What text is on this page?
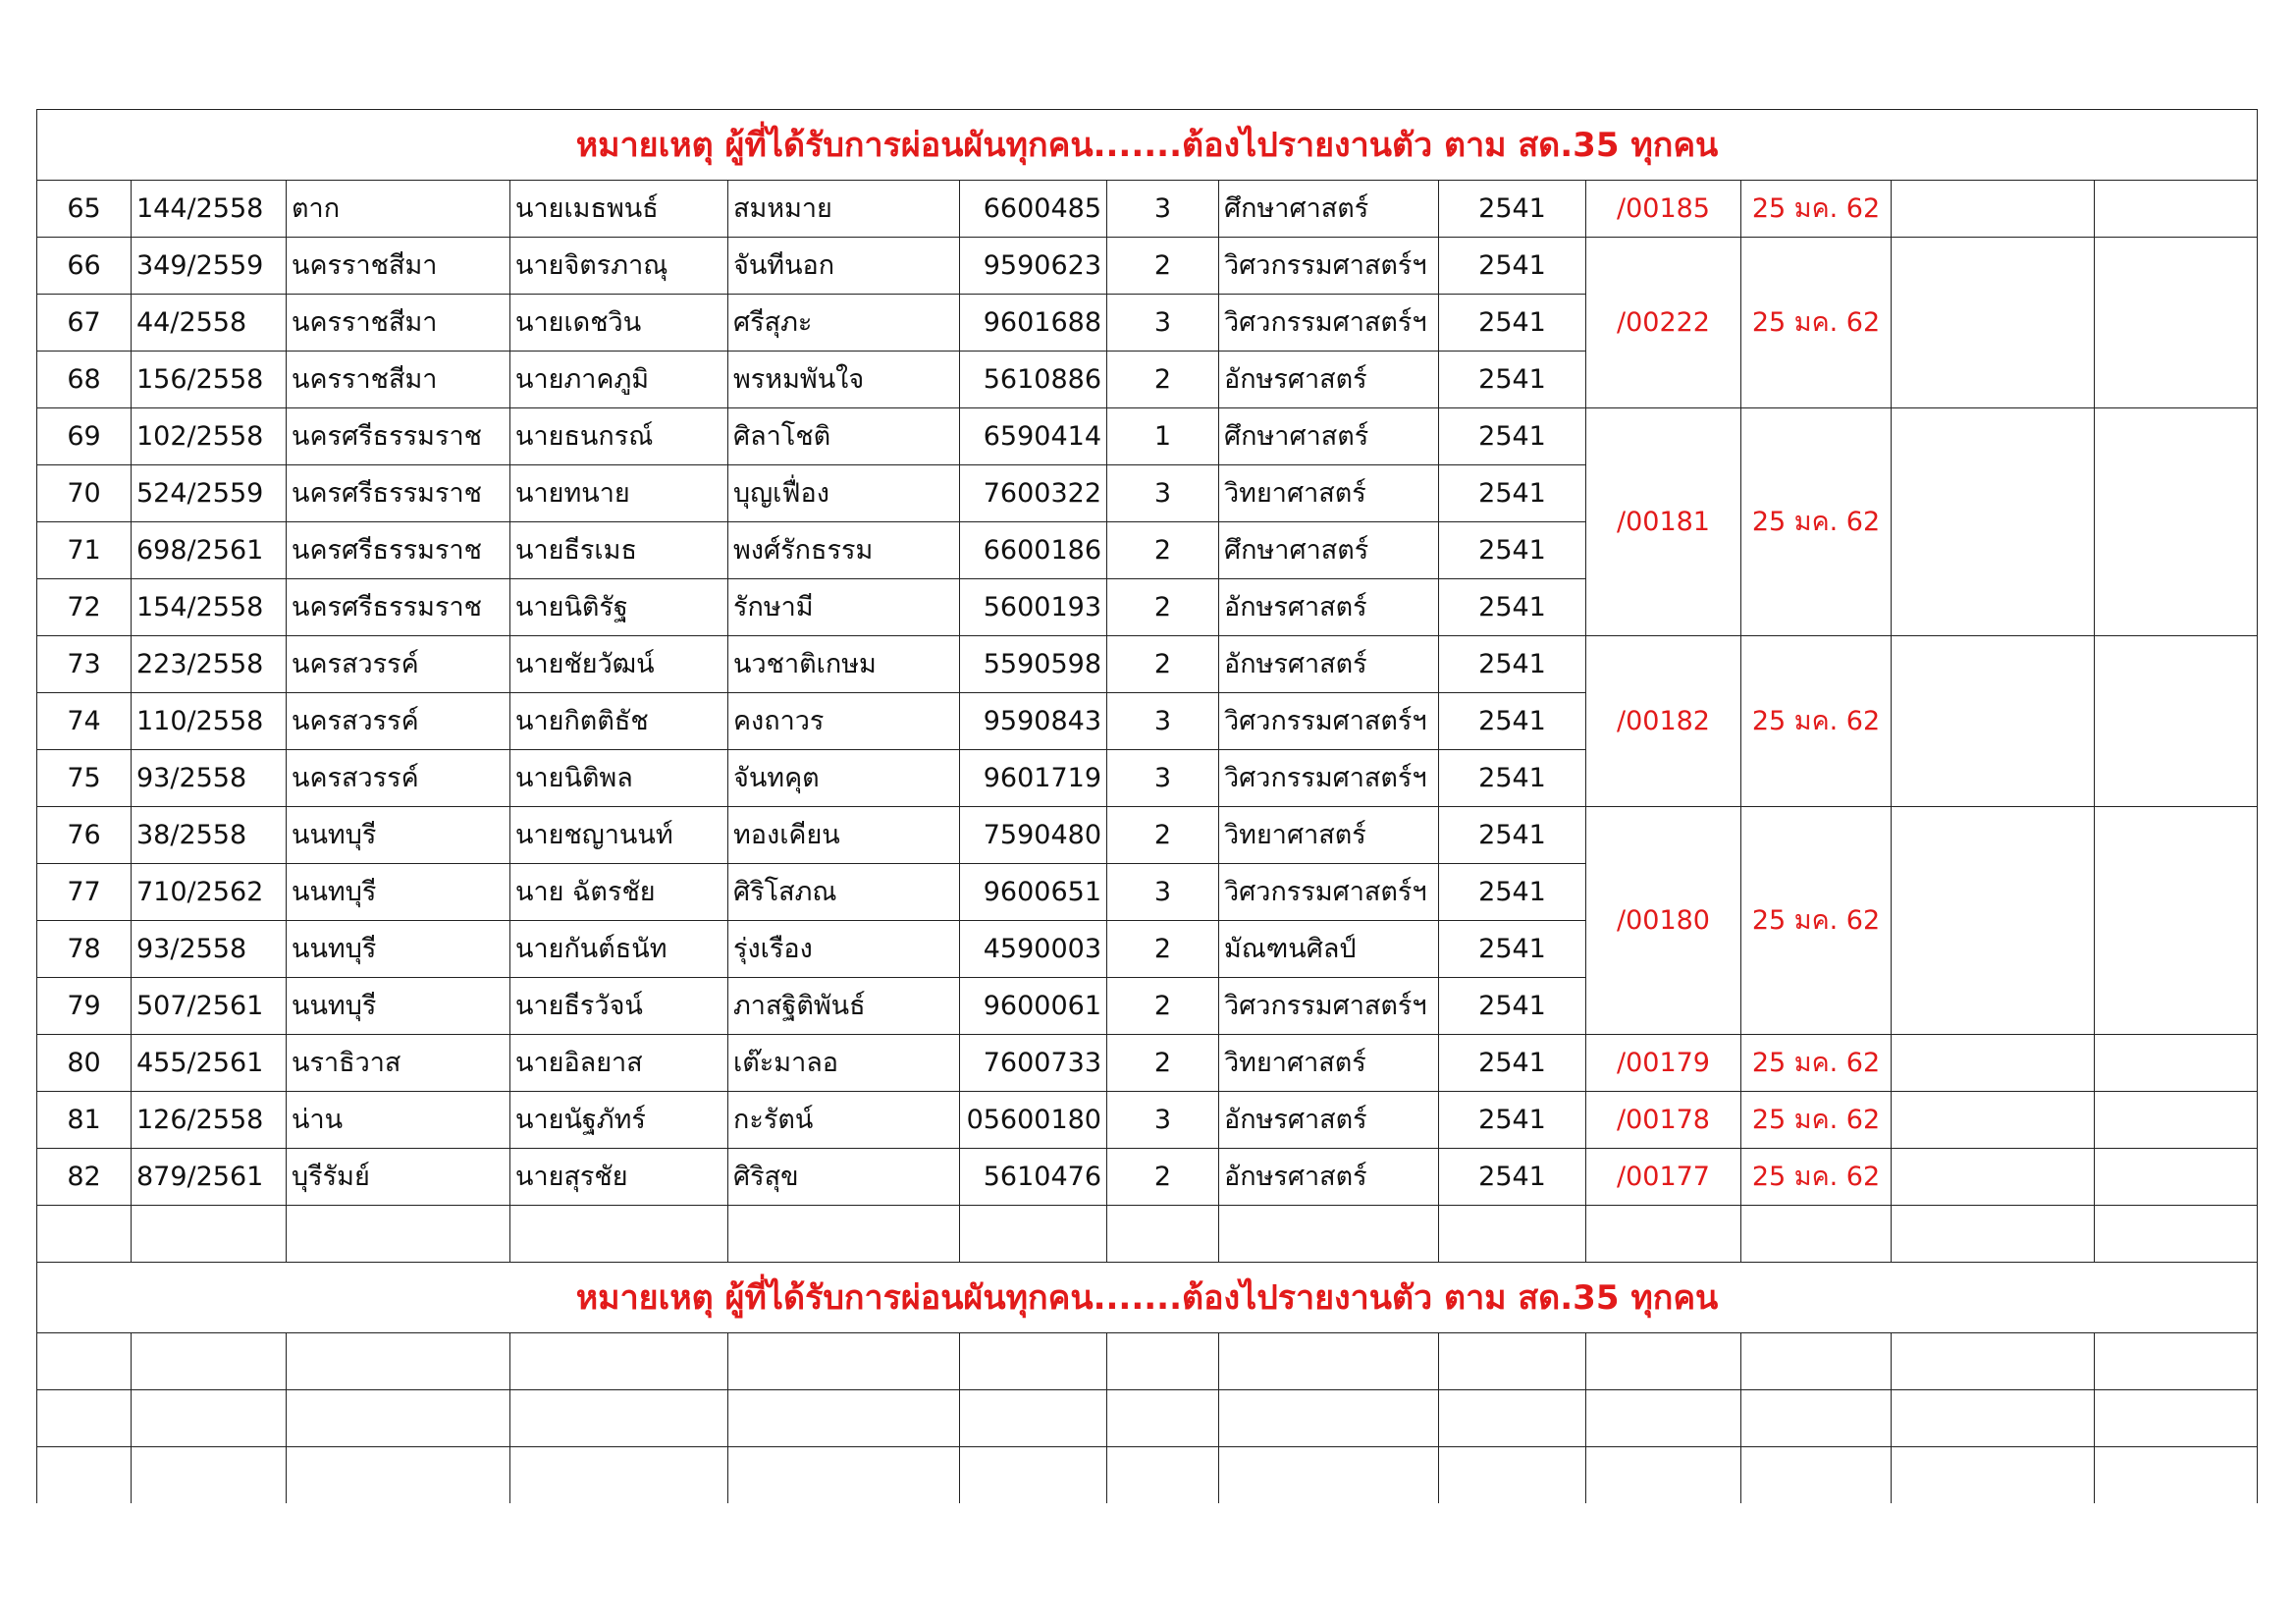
หมายเหตุ ผู้ที่ได้รับการผ่อนผันทุกคน.......ต้องไปรายงานตัว ตาม สด.35 ทุกคน												
65	144/2558	ตาก	นายเมธพนธ์	สมหมาย	6600485	3	ศึกษาศาสตร์	2541	/00185	25 มค. 62		
66	349/2559	นครราชสีมา	นายจิตรภาณุ	จันทีนอก	9590623	2	วิศวกรรมศาสตร์ฯ	2541	/00222	25 มค. 62		
67	44/2558	นครราชสีมา	นายเดชวิน	ศรีสุภะ	9601688	3	วิศวกรรมศาสตร์ฯ	2541				
68	156/2558	นครราชสีมา	นายภาคภูมิ	พรหมพันใจ	5610886	2	อักษรศาสตร์	2541				
69	102/2558	นครศรีธรรมราช	นายธนกรณ์	ศิลาโชติ	6590414	1	ศึกษาศาสตร์	2541	/00181	25 มค. 62		
70	524/2559	นครศรีธรรมราช	นายทนาย	บุญเฟื่อง	7600322	3	วิทยาศาสตร์	2541				
71	698/2561	นครศรีธรรมราช	นายธีรเมธ	พงศ์รักธรรม	6600186	2	ศึกษาศาสตร์	2541				
72	154/2558	นครศรีธรรมราช	นายนิติรัฐ	รักษามี	5600193	2	อักษรศาสตร์	2541				
73	223/2558	นครสวรรค์	นายชัยวัฒน์	นวชาติเกษม	5590598	2	อักษรศาสตร์	2541	/00182	25 มค. 62		
74	110/2558	นครสวรรค์	นายกิตติธัช	คงถาวร	9590843	3	วิศวกรรมศาสตร์ฯ	2541				
75	93/2558	นครสวรรค์	นายนิติพล	จันทคุต	9601719	3	วิศวกรรมศาสตร์ฯ	2541				
76	38/2558	นนทบุรี	นายชญานนท์	ทองเคียน	7590480	2	วิทยาศาสตร์	2541	/00180	25 มค. 62		
77	710/2562	นนทบุรี	นาย ฉัตรชัย	ศิริโสภณ	9600651	3	วิศวกรรมศาสตร์ฯ	2541				
78	93/2558	นนทบุรี	นายกันต์ธนัท	รุ่งเรือง	4590003	2	มัณฑนศิลป์	2541				
79	507/2561	นนทบุรี	นายธีรวัจน์	ภาสฐิติพันธ์	9600061	2	วิศวกรรมศาสตร์ฯ	2541				
80	455/2561	นราธิวาส	นายอิลยาส	เต๊ะมาลอ	7600733	2	วิทยาศาสตร์	2541	/00179	25 มค. 62		
81	126/2558	น่าน	นายนัฐภัทร์	กะรัตน์	05600180	3	อักษรศาสตร์	2541	/00178	25 มค. 62		
82	879/2561	บุรีรัมย์	นายสุรชัย	ศิริสุข	5610476	2	อักษรศาสตร์	2541	/00177	25 มค. 62		

หมายเหตุ ผู้ที่ได้รับการผ่อนผันทุกคน.......ต้องไปรายงานตัว ตาม สด.35 ทุกคน												
